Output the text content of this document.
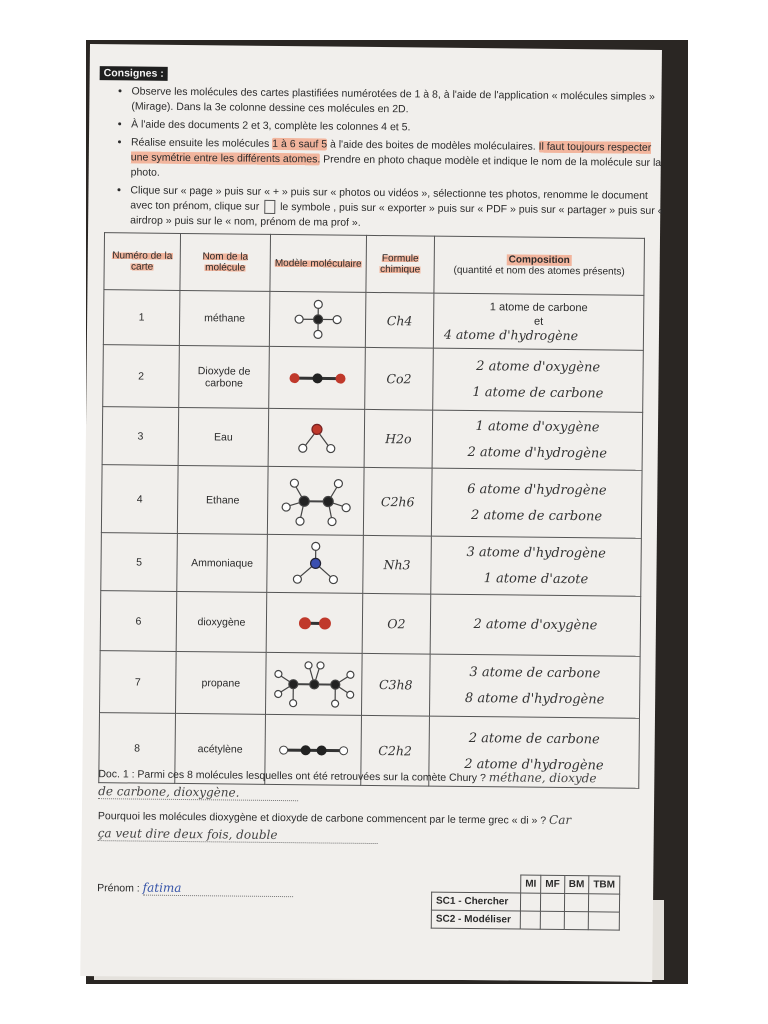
Consignes :
• Observe les molécules des cartes plastifiées numérotées de 1 à 8, à l'aide de l'application « molécules simples » (Mirage). Dans la 3e colonne dessine ces molécules en 2D.
• À l'aide des documents 2 et 3, complète les colonnes 4 et 5.
• Réalise ensuite les molécules 1 à 6 sauf 5 à l'aide des boites de modèles moléculaires. Il faut toujours respecter une symétrie entre les différents atomes. Prendre en photo chaque modèle et indique le nom de la molécule sur la photo.
• Clique sur « page » puis sur « + » puis sur « photos ou vidéos », sélectionne tes photos, renomme le document avec ton prénom, clique sur le symbole , puis sur « exporter » puis sur « PDF » puis sur « partager » puis sur « airdrop » puis sur le « nom, prénom de ma prof ».
Numéro de la carte	Nom de la molécule	Modèle moléculaire	Formule chimique	Composition
(quantité et nom des atomes présents)
1	méthane		Ch4	1 atome de carbone
et
4 atome d'hydrogène

2	Dioxyde de carbone		Co2	2 atome d'oxygène
1 atome de carbone

3	Eau		H2o	1 atome d'oxygène
2 atome d'hydrogène

4	Ethane		C2h6	6 atome d'hydrogène
2 atome de carbone

5	Ammoniaque		Nh3	3 atome d'hydrogène
1 atome d'azote

6	dioxygène		O2	2 atome d'oxygène

7	propane		C3h8	3 atome de carbone
8 atome d'hydrogène

8	acétylène		C2h2	2 atome de carbone
2 atome d'hydrogène
Doc. 1 : Parmi ces 8 molécules lesquelles ont été retrouvées sur la comète Chury ? méthane, dioxyde
de carbone, dioxygène.
Pourquoi les molécules dioxygène et dioxyde de carbone commencent par le terme grec « di » ? Car
ça veut dire deux fois, double
Prénom : fatima
		MI	MF	BM	TBM
SC1 - Chercher				
SC2 - Modéliser				
